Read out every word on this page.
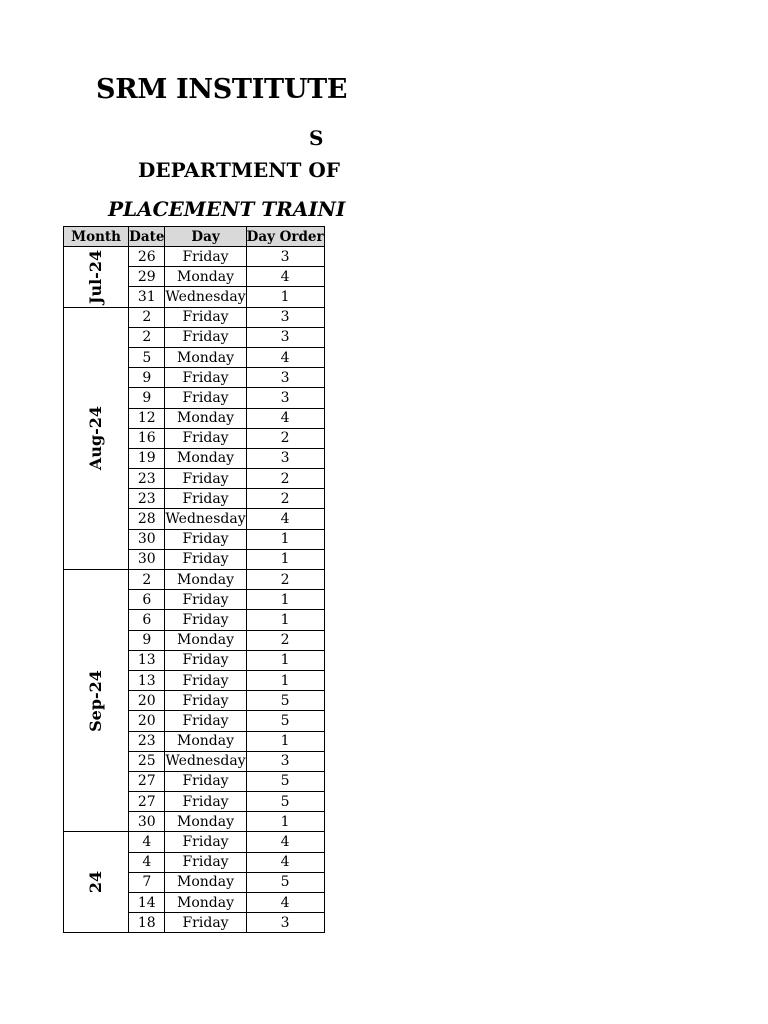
SRM INSTITUTE
S
DEPARTMENT OF
PLACEMENT TRAINI
Month	Date	Day	Day Order
Jul-24	26	Friday	3
	29	Monday	4
	31	Wednesday	1
Aug-24	2	Friday	3
	2	Friday	3
	5	Monday	4
	9	Friday	3
	9	Friday	3
	12	Monday	4
	16	Friday	2
	19	Monday	3
	23	Friday	2
	23	Friday	2
	28	Wednesday	4
	30	Friday	1
	30	Friday	1
Sep-24	2	Monday	2
	6	Friday	1
	6	Friday	1
	9	Monday	2
	13	Friday	1
	13	Friday	1
	20	Friday	5
	20	Friday	5
	23	Monday	1
	25	Wednesday	3
	27	Friday	5
	27	Friday	5
	30	Monday	1
24	4	Friday	4
	4	Friday	4
	7	Monday	5
	14	Monday	4
	18	Friday	3
